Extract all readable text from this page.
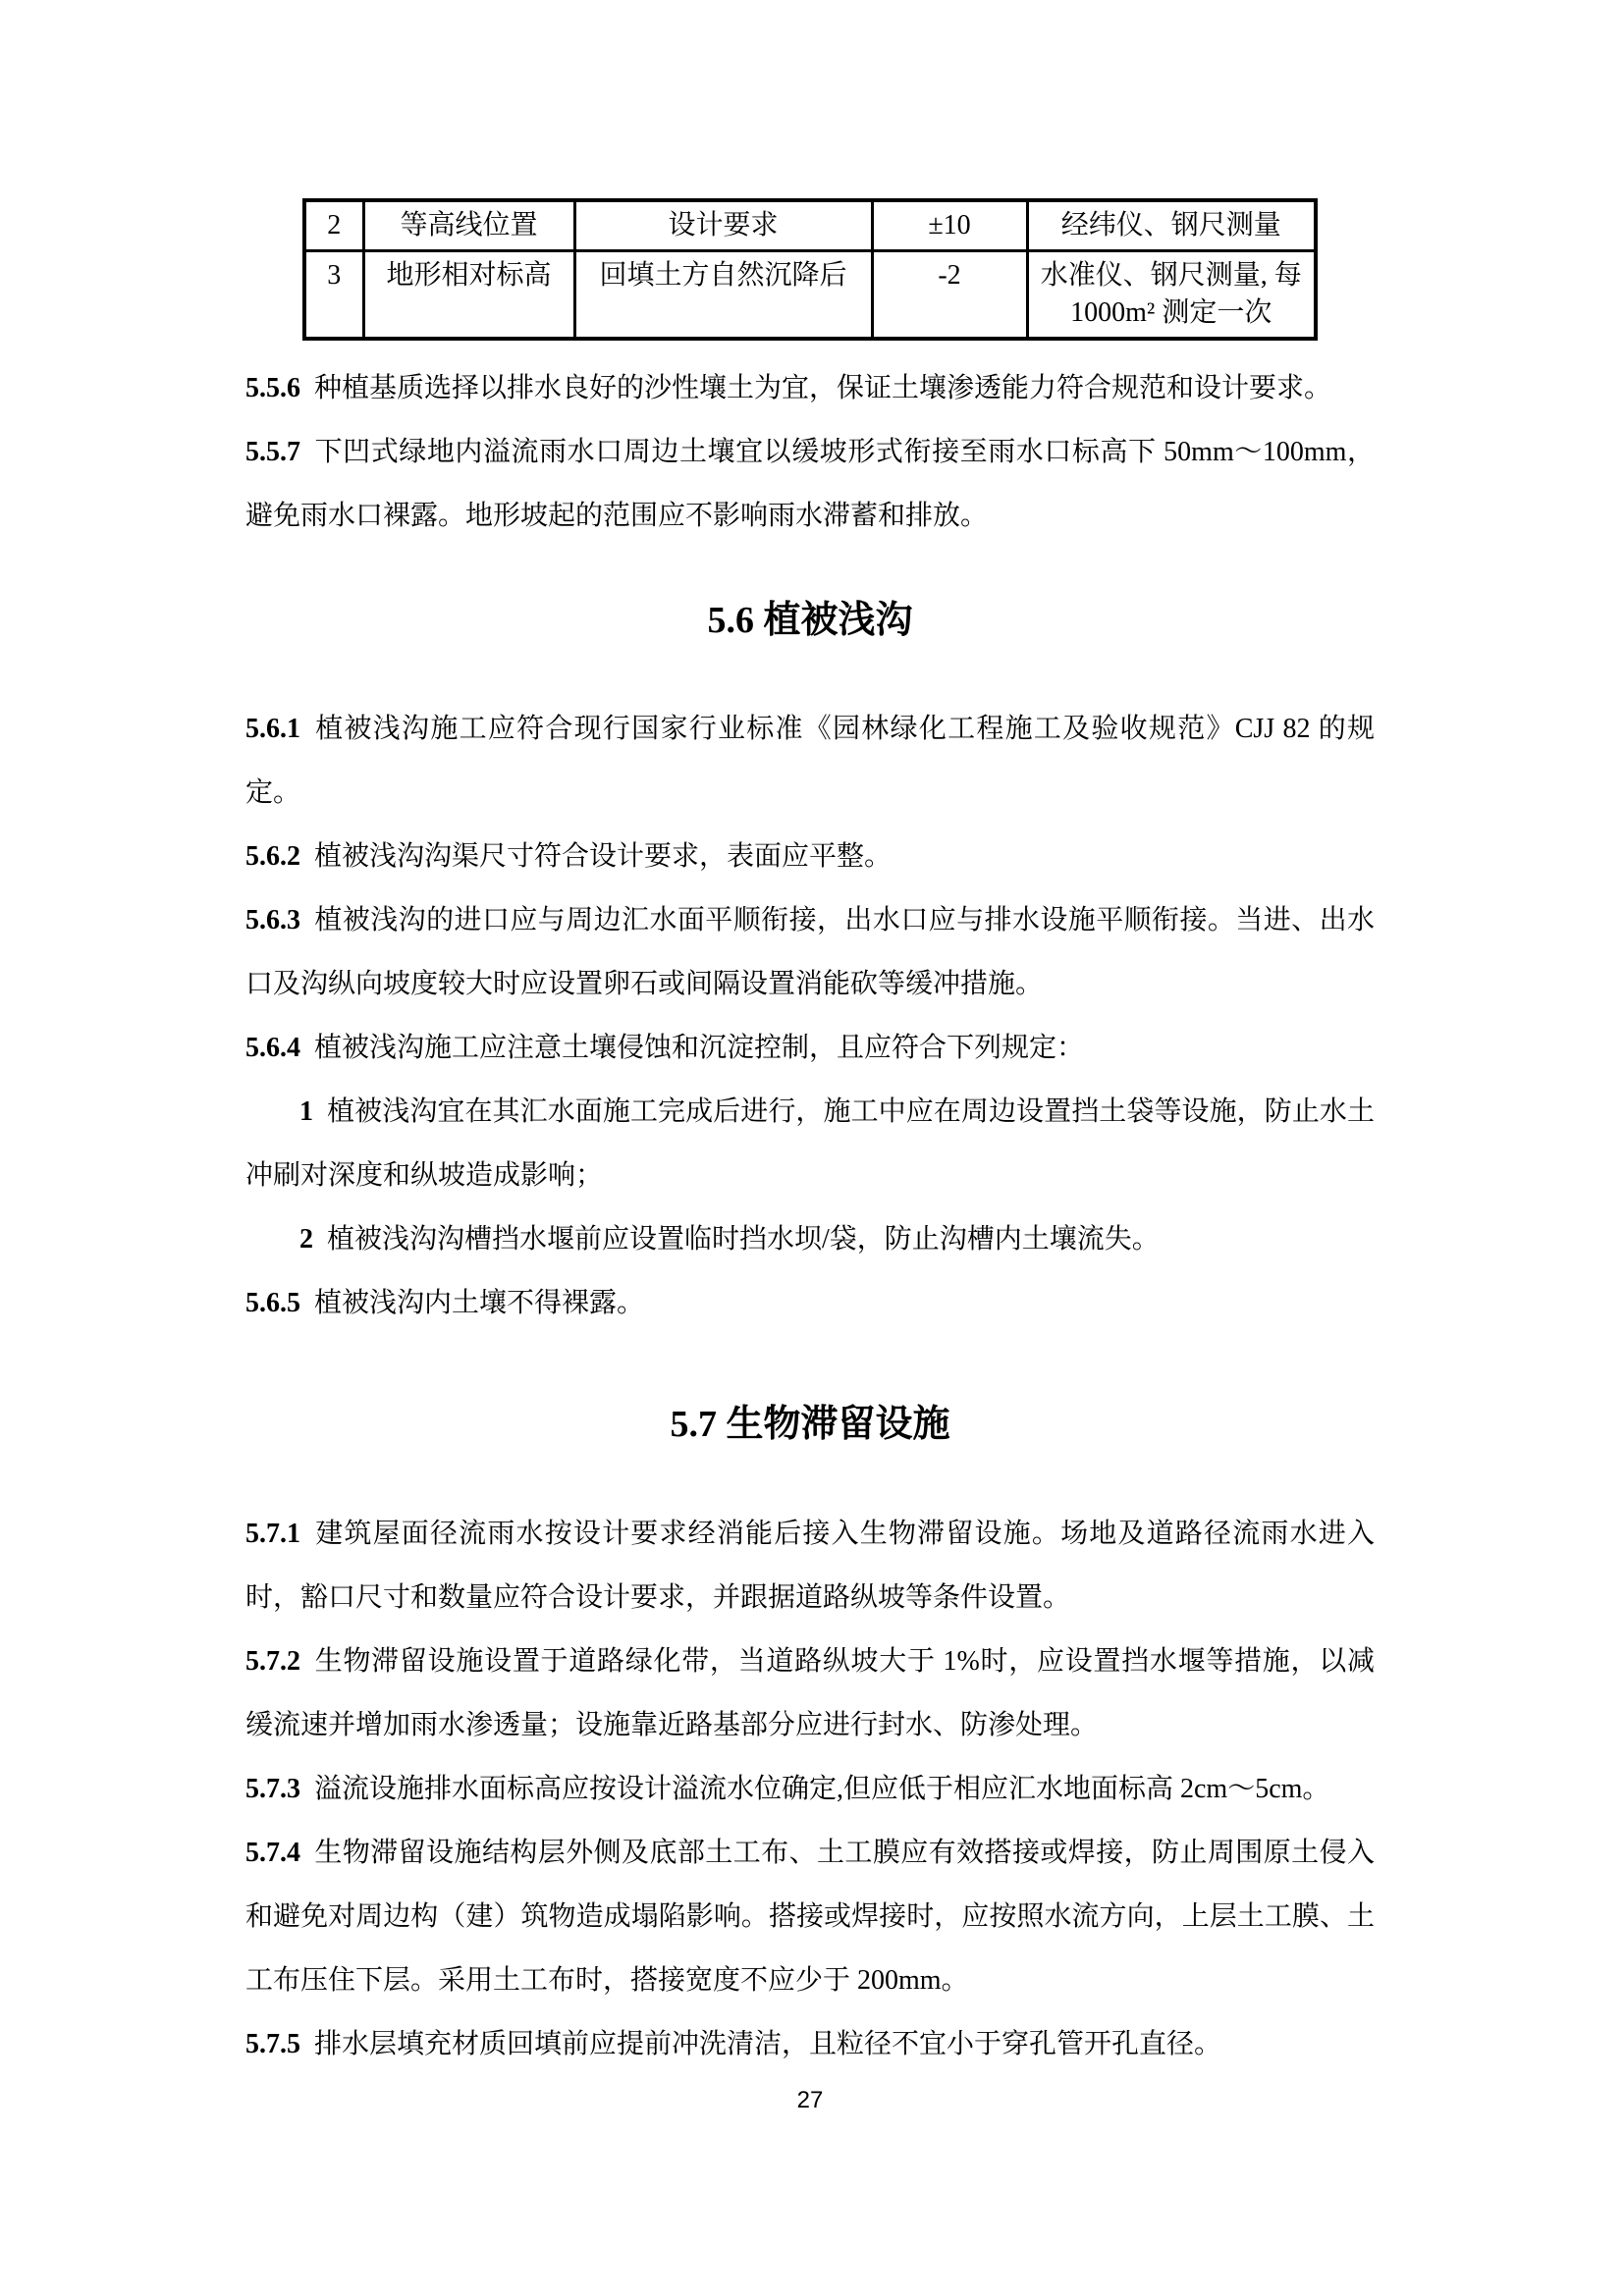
2	等高线位置	设计要求	±10	经纬仪、钢尺测量
3	地形相对标高	回填土方自然沉降后	-2	水准仪、钢尺测量, 每 1000m² 测定一次

5.5.6 种植基质选择以排水良好的沙性壤土为宜，保证土壤渗透能力符合规范和设计要求。

5.5.7 下凹式绿地内溢流雨水口周边土壤宜以缓坡形式衔接至雨水口标高下 50mm～100mm，避免雨水口裸露。地形坡起的范围应不影响雨水滞蓄和排放。

5.6 植被浅沟

5.6.1 植被浅沟施工应符合现行国家行业标准《园林绿化工程施工及验收规范》CJJ 82 的规定。

5.6.2 植被浅沟沟渠尺寸符合设计要求，表面应平整。

5.6.3 植被浅沟的进口应与周边汇水面平顺衔接，出水口应与排水设施平顺衔接。当进、出水口及沟纵向坡度较大时应设置卵石或间隔设置消能砍等缓冲措施。

5.6.4 植被浅沟施工应注意土壤侵蚀和沉淀控制，且应符合下列规定：

1 植被浅沟宜在其汇水面施工完成后进行，施工中应在周边设置挡土袋等设施，防止水土冲刷对深度和纵坡造成影响；

2 植被浅沟沟槽挡水堰前应设置临时挡水坝/袋，防止沟槽内土壤流失。

5.6.5 植被浅沟内土壤不得裸露。

5.7 生物滞留设施

5.7.1 建筑屋面径流雨水按设计要求经消能后接入生物滞留设施。场地及道路径流雨水进入时，豁口尺寸和数量应符合设计要求，并跟据道路纵坡等条件设置。

5.7.2 生物滞留设施设置于道路绿化带，当道路纵坡大于 1%时，应设置挡水堰等措施，以减缓流速并增加雨水渗透量；设施靠近路基部分应进行封水、防渗处理。

5.7.3 溢流设施排水面标高应按设计溢流水位确定,但应低于相应汇水地面标高 2cm～5cm。

5.7.4 生物滞留设施结构层外侧及底部土工布、土工膜应有效搭接或焊接，防止周围原土侵入和避免对周边构（建）筑物造成塌陷影响。搭接或焊接时，应按照水流方向，上层土工膜、土工布压住下层。采用土工布时，搭接宽度不应少于 200mm。

5.7.5 排水层填充材质回填前应提前冲洗清洁，且粒径不宜小于穿孔管开孔直径。

27
